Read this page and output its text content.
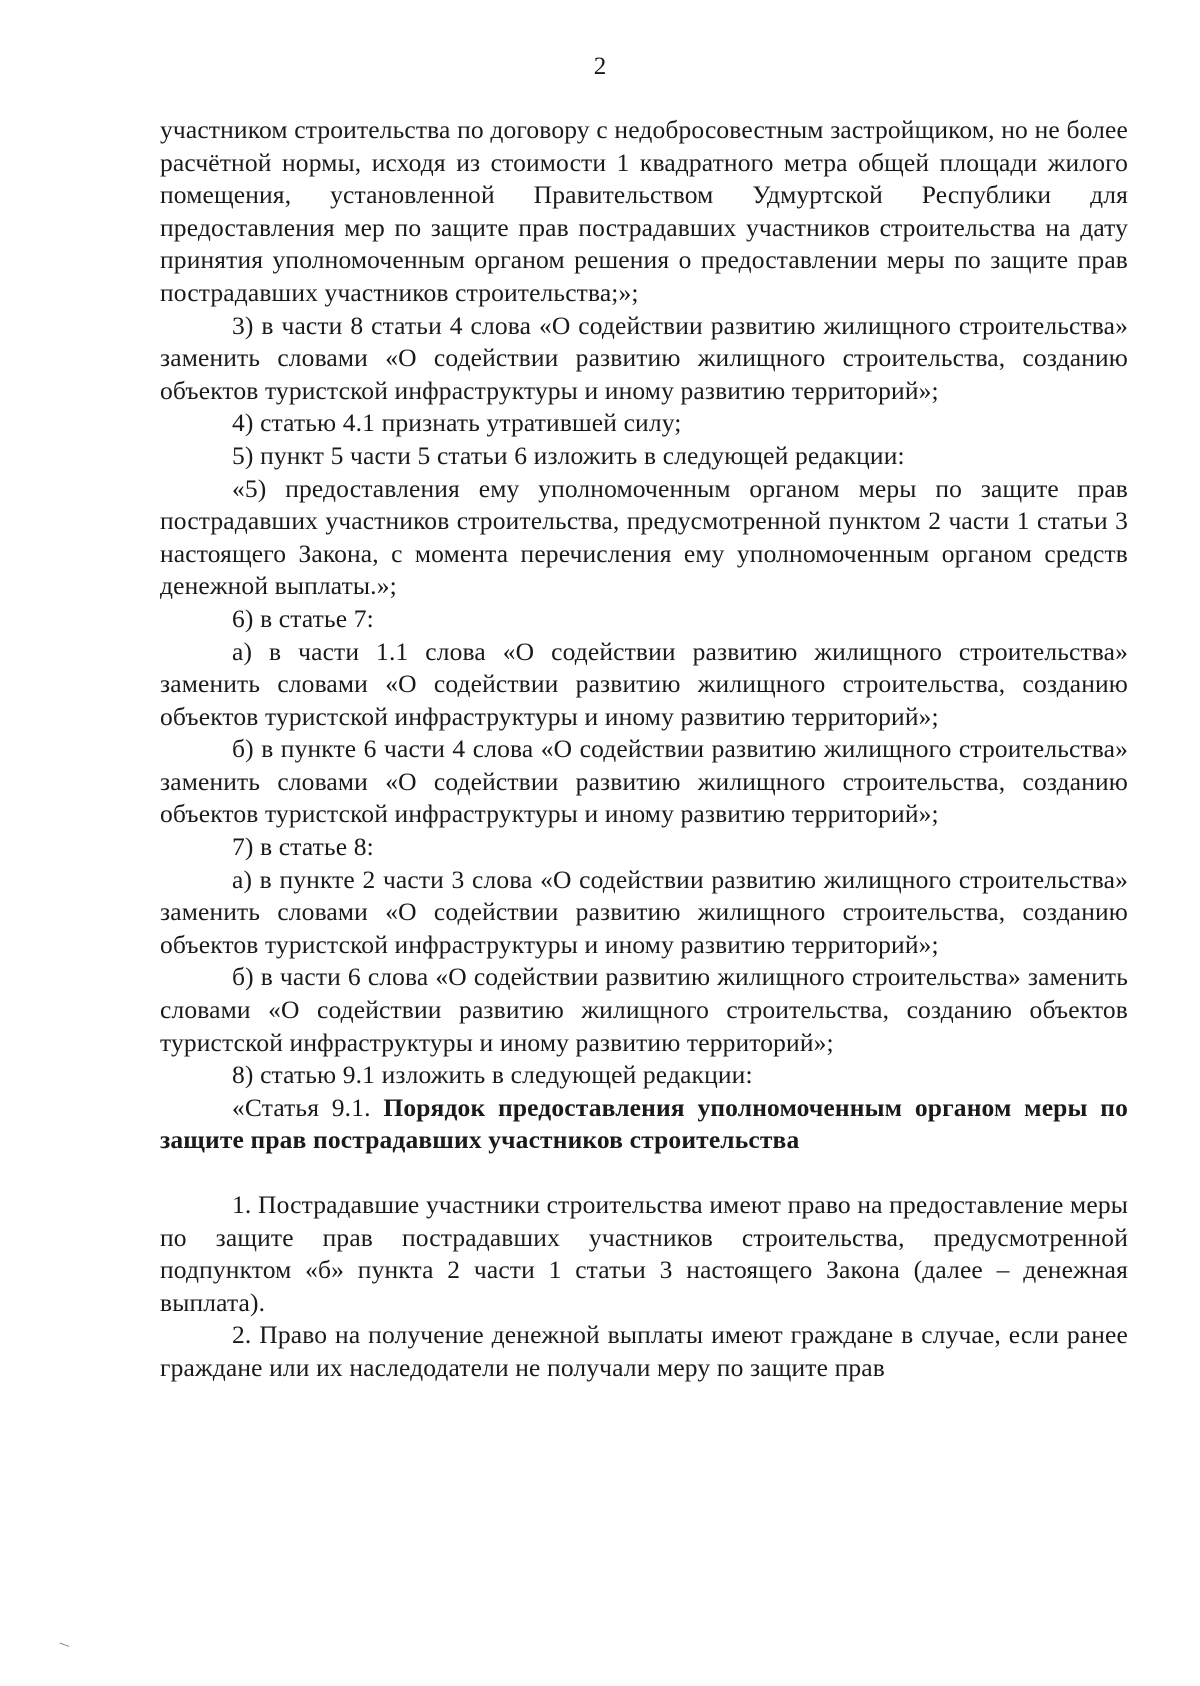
2

участником строительства по договору с недобросовестным застройщиком, но не более расчётной нормы, исходя из стоимости 1 квадратного метра общей площади жилого помещения, установленной Правительством Удмуртской Республики для предоставления мер по защите прав пострадавших участников строительства на дату принятия уполномоченным органом решения о предоставлении меры по защите прав пострадавших участников строительства;»;

3) в части 8 статьи 4 слова «О содействии развитию жилищного строительства» заменить словами «О содействии развитию жилищного строительства, созданию объектов туристской инфраструктуры и иному развитию территорий»;

4) статью 4.1 признать утратившей силу;

5) пункт 5 части 5 статьи 6 изложить в следующей редакции:

«5) предоставления ему уполномоченным органом меры по защите прав пострадавших участников строительства, предусмотренной пунктом 2 части 1 статьи 3 настоящего Закона, с момента перечисления ему уполномоченным органом средств денежной выплаты.»;

6) в статье 7:

а) в части 1.1 слова «О содействии развитию жилищного строительства» заменить словами «О содействии развитию жилищного строительства, созданию объектов туристской инфраструктуры и иному развитию территорий»;

б) в пункте 6 части 4 слова «О содействии развитию жилищного строительства» заменить словами «О содействии развитию жилищного строительства, созданию объектов туристской инфраструктуры и иному развитию территорий»;

7) в статье 8:

а) в пункте 2 части 3 слова «О содействии развитию жилищного строительства» заменить словами «О содействии развитию жилищного строительства, созданию объектов туристской инфраструктуры и иному развитию территорий»;

б) в части 6 слова «О содействии развитию жилищного строительства» заменить словами «О содействии развитию жилищного строительства, созданию объектов туристской инфраструктуры и иному развитию территорий»;

8) статью 9.1 изложить в следующей редакции:

«Статья 9.1. Порядок предоставления уполномоченным органом меры по защите прав пострадавших участников строительства

1. Пострадавшие участники строительства имеют право на предоставление меры по защите прав пострадавших участников строительства, предусмотренной подпунктом «б» пункта 2 части 1 статьи 3 настоящего Закона (далее – денежная выплата).

2. Право на получение денежной выплаты имеют граждане в случае, если ранее граждане или их наследодатели не получали меру по защите прав
